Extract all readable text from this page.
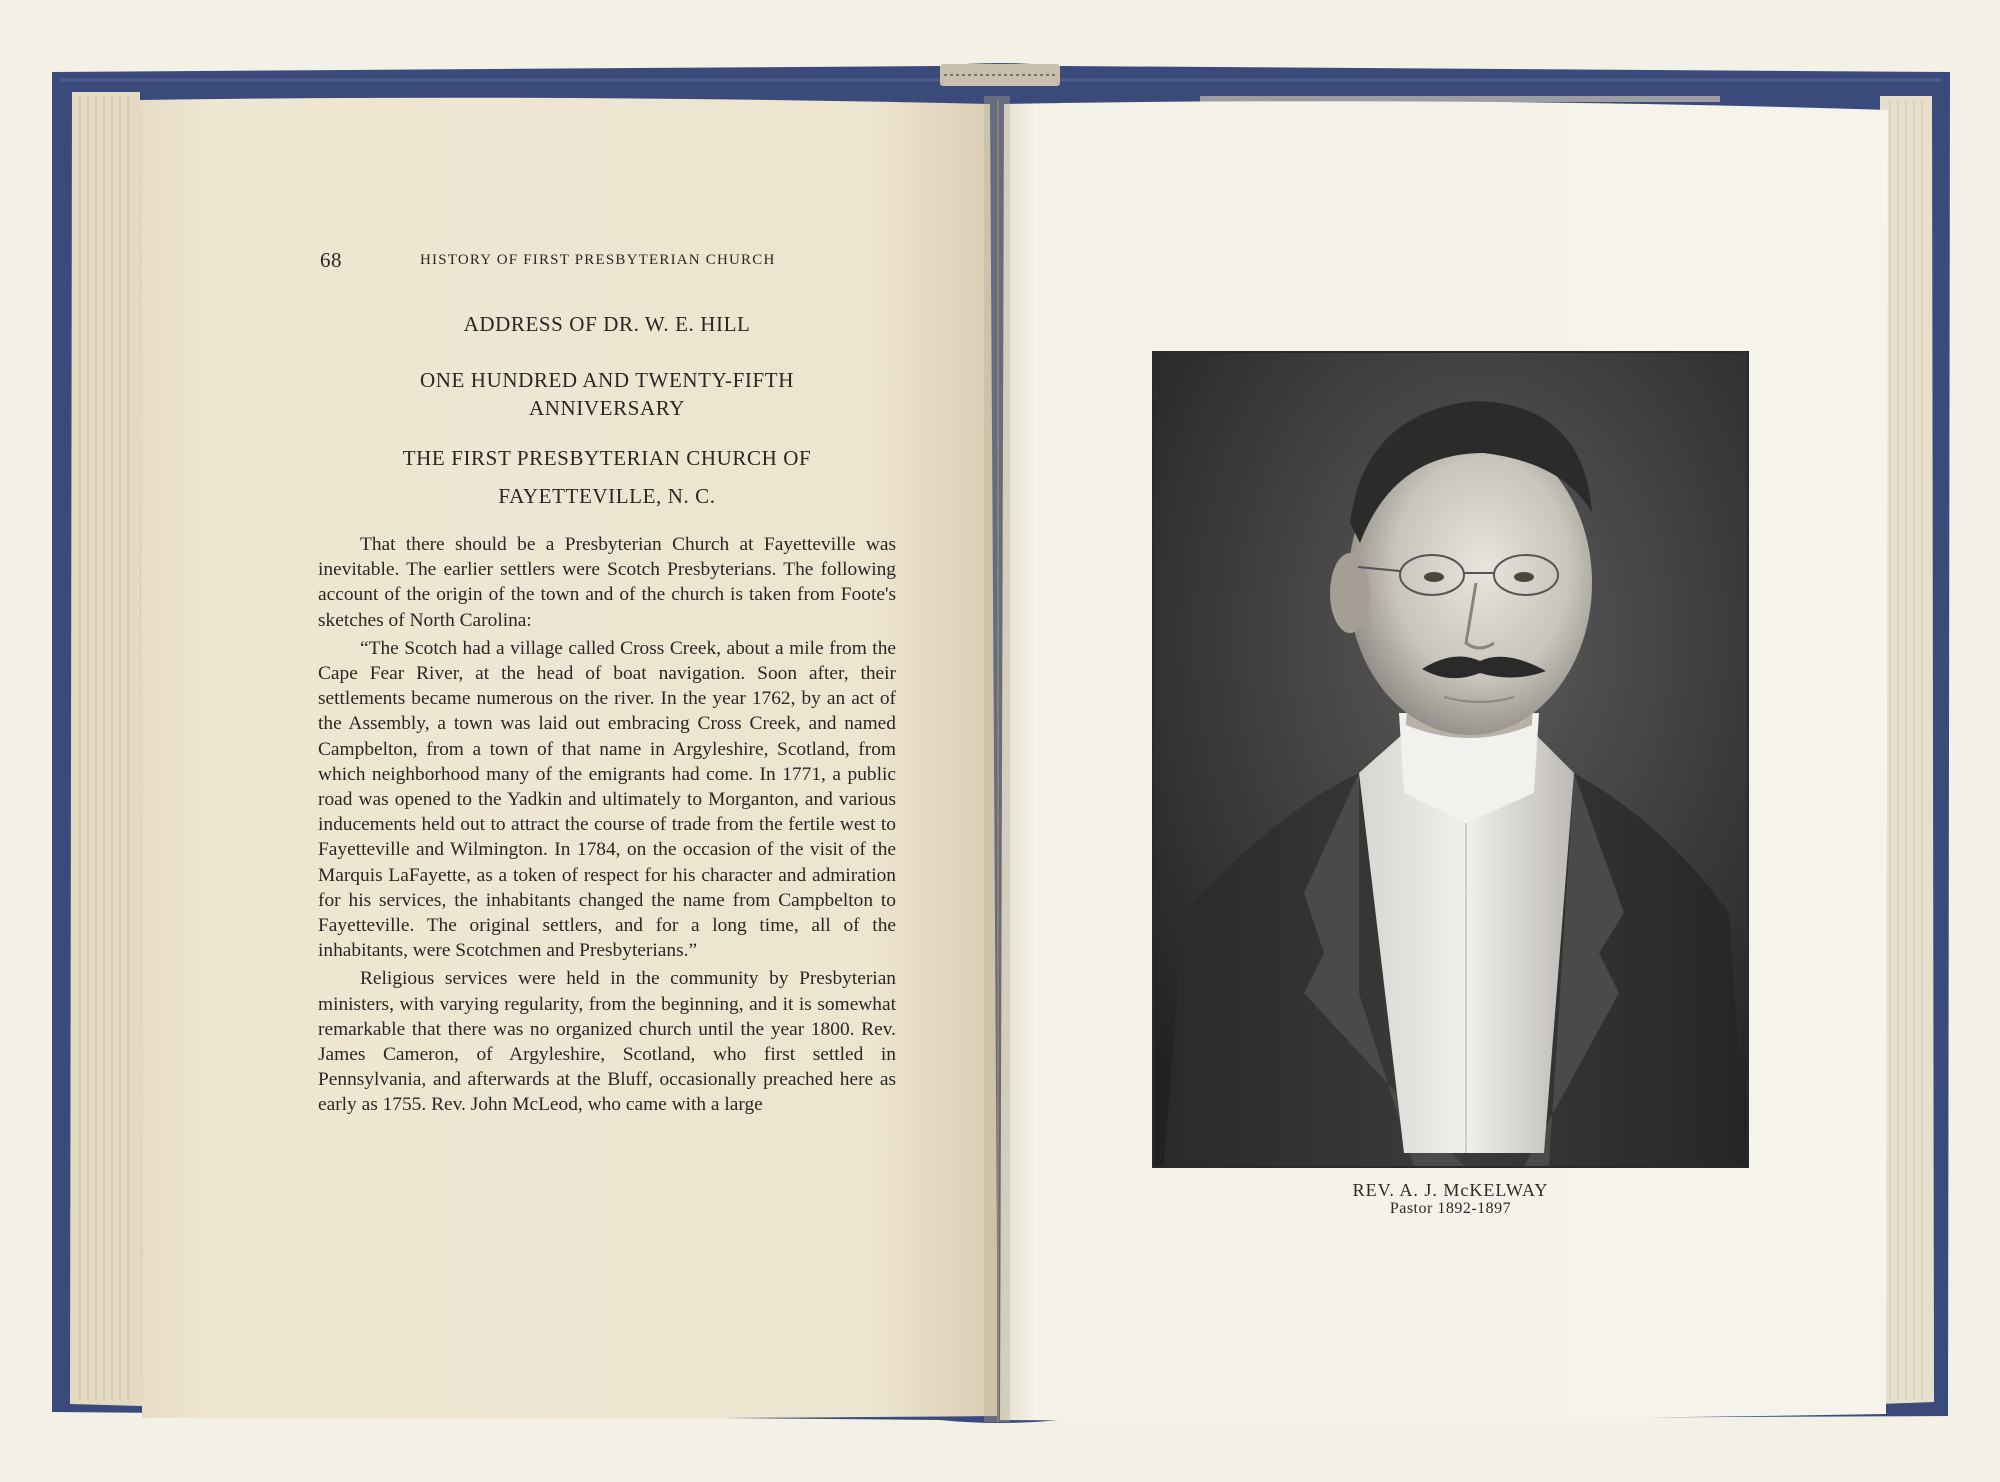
68	HISTORY OF FIRST PRESBYTERIAN CHURCH
ADDRESS OF DR. W. E. HILL
ONE HUNDRED AND TWENTY-FIFTH
ANNIVERSARY
THE FIRST PRESBYTERIAN CHURCH OF
FAYETTEVILLE, N. C.

That there should be a Presbyterian Church at Fayetteville was inevitable. The earlier settlers were Scotch Presbyterians. The following account of the origin of the town and of the church is taken from Foote's sketches of North Carolina:

“The Scotch had a village called Cross Creek, about a mile from the Cape Fear River, at the head of boat navigation. Soon after, their settlements became numerous on the river. In the year 1762, by an act of the Assembly, a town was laid out embracing Cross Creek, and named Campbelton, from a town of that name in Argyleshire, Scotland, from which neighborhood many of the emigrants had come. In 1771, a public road was opened to the Yadkin and ultimately to Morganton, and various inducements held out to attract the course of trade from the fertile west to Fayetteville and Wilmington. In 1784, on the occasion of the visit of the Marquis LaFayette, as a token of respect for his character and admiration for his services, the inhabitants changed the name from Campbelton to Fayetteville. The original settlers, and for a long time, all of the inhabitants, were Scotchmen and Presbyterians.”

Religious services were held in the community by Presbyterian ministers, with varying regularity, from the beginning, and it is somewhat remarkable that there was no organized church until the year 1800. Rev. James Cameron, of Argyleshire, Scotland, who first settled in Pennsylvania, and afterwards at the Bluff, occasionally preached here as early as 1755. Rev. John McLeod, who came with a large

REV. A. J. McKELWAY
Pastor 1892-1897
